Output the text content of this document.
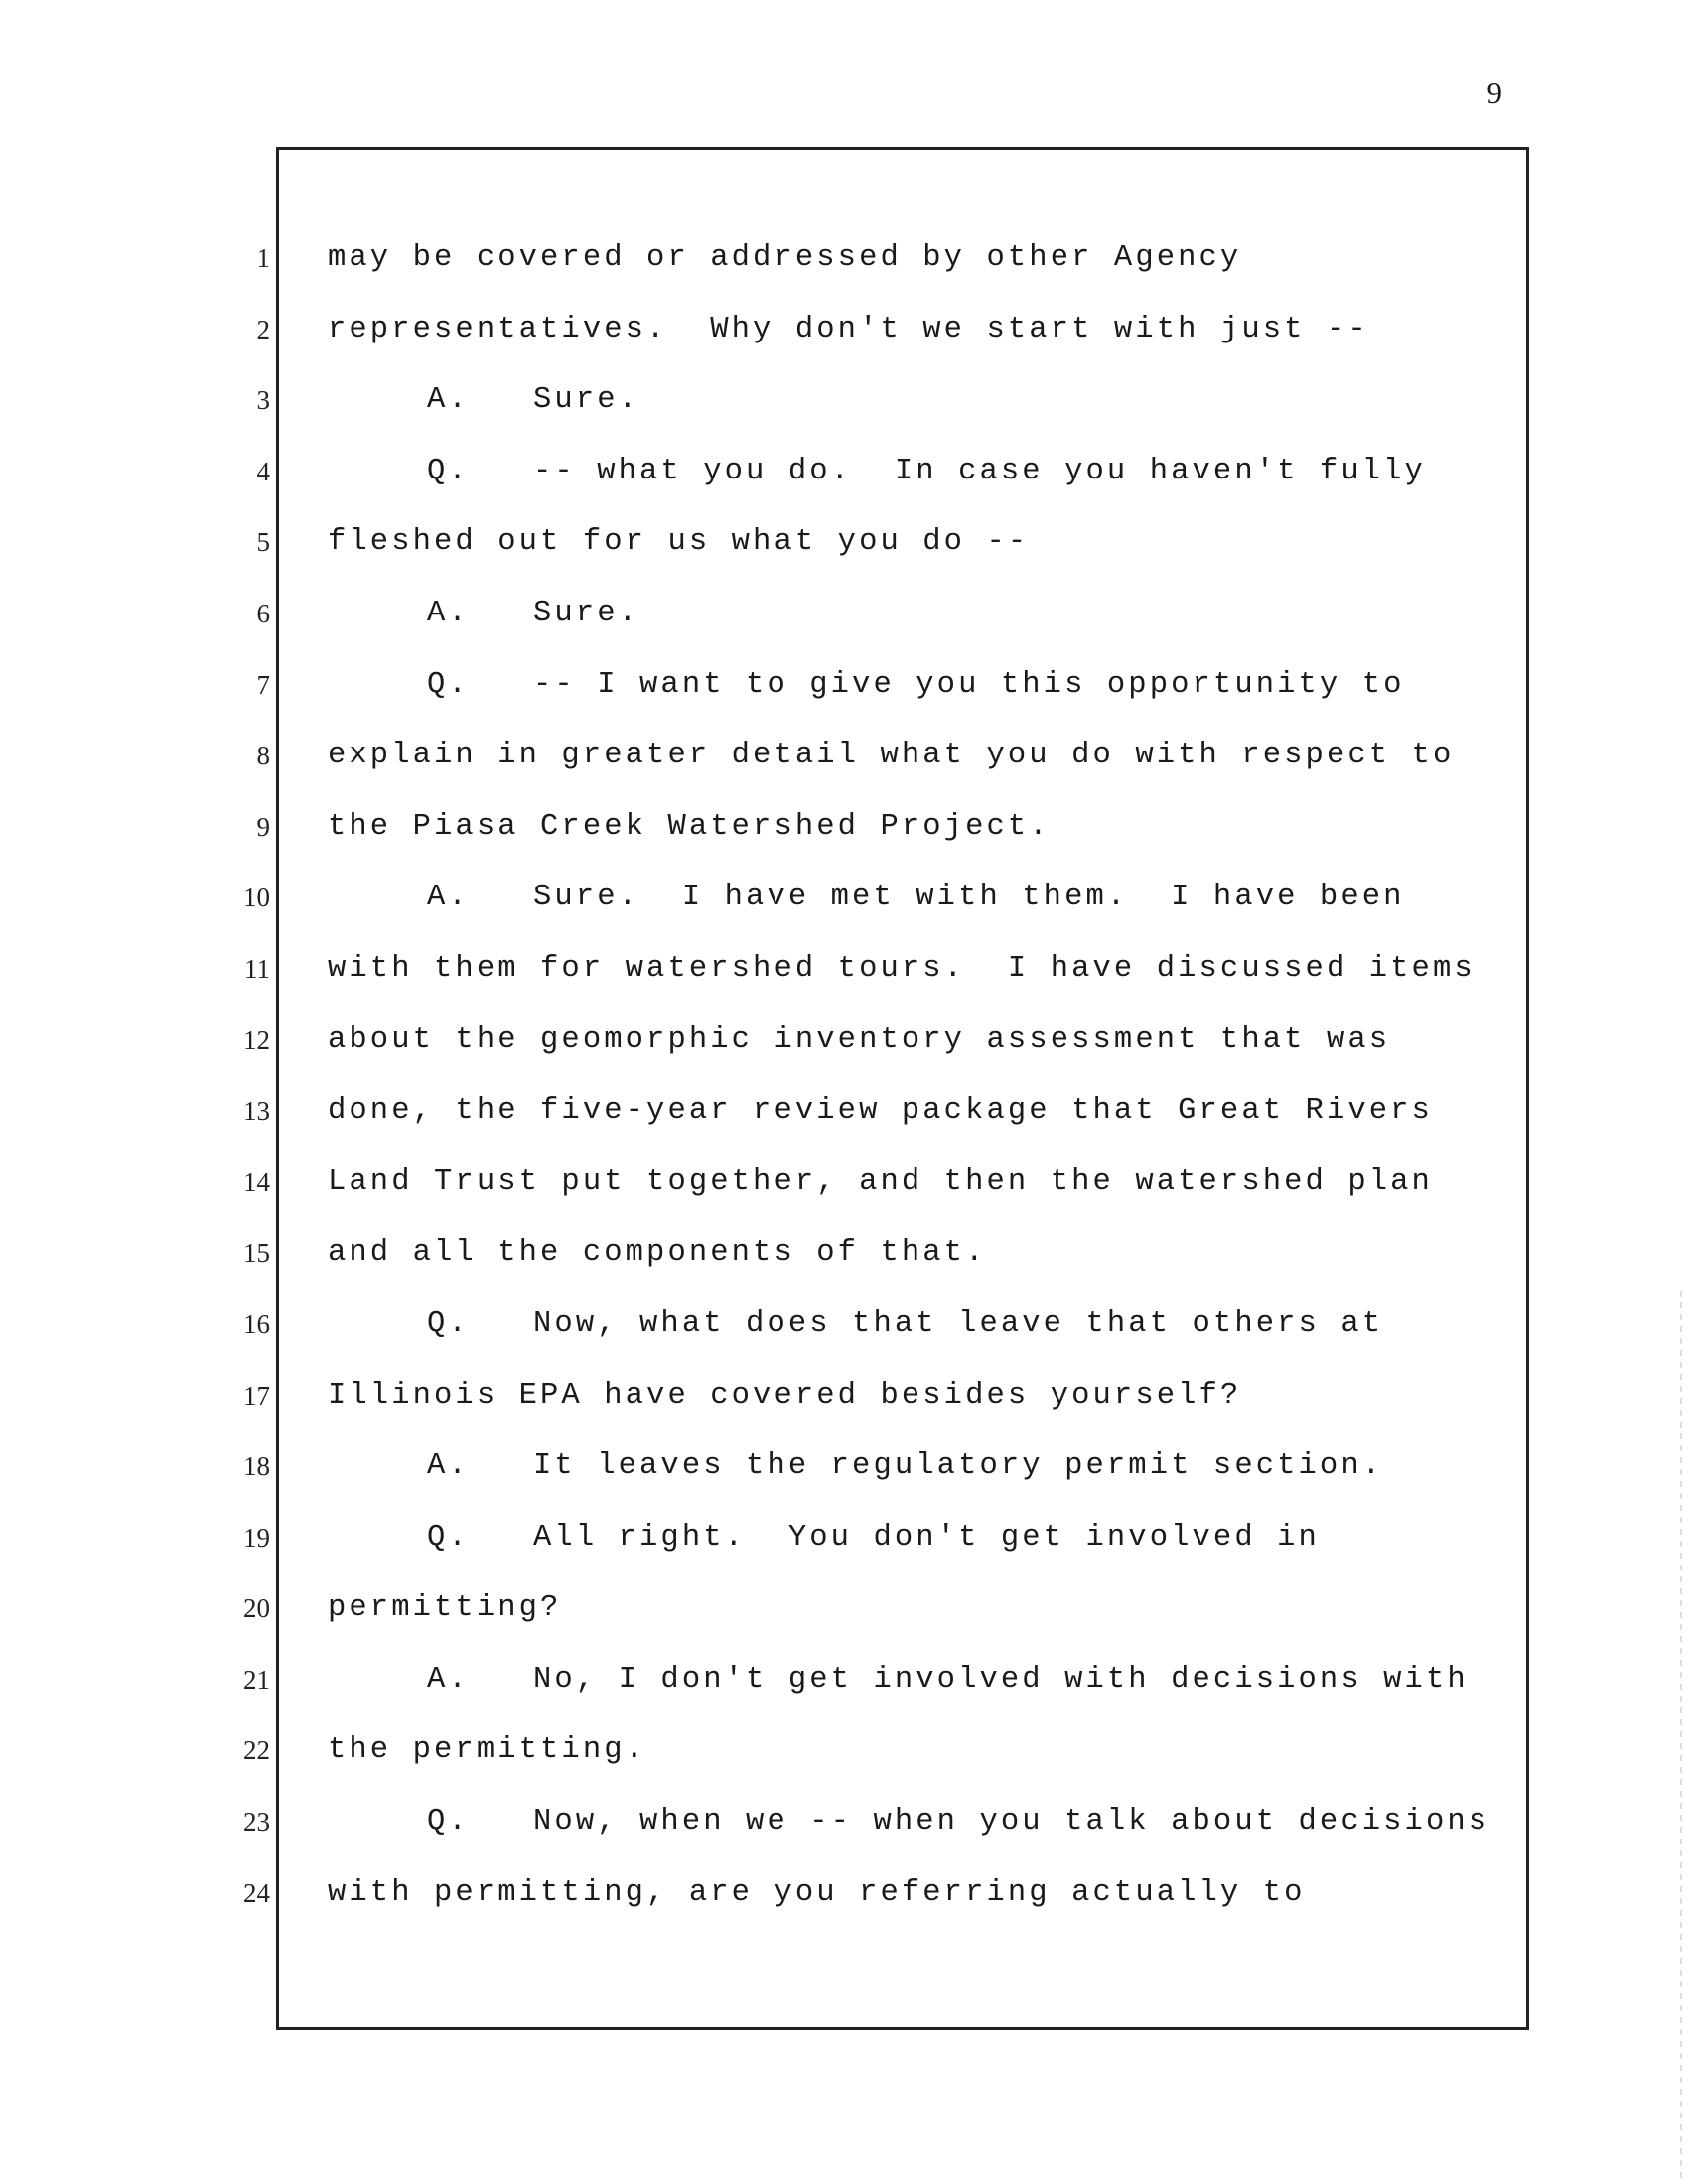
9
1
2
3
4
5
6
7
8
9
10
11
12
13
14
15
16
17
18
19
20
21
22
23
24
may be covered or addressed by other Agency
representatives.  Why don't we start with just --
A.   Sure.
Q.   -- what you do.  In case you haven't fully
fleshed out for us what you do --
A.   Sure.
Q.   -- I want to give you this opportunity to
explain in greater detail what you do with respect to
the Piasa Creek Watershed Project.
A.   Sure.  I have met with them.  I have been
with them for watershed tours.  I have discussed items
about the geomorphic inventory assessment that was
done, the five-year review package that Great Rivers
Land Trust put together, and then the watershed plan
and all the components of that.
Q.   Now, what does that leave that others at
Illinois EPA have covered besides yourself?
A.   It leaves the regulatory permit section.
Q.   All right.  You don't get involved in
permitting?
A.   No, I don't get involved with decisions with
the permitting.
Q.   Now, when we -- when you talk about decisions
with permitting, are you referring actually to
